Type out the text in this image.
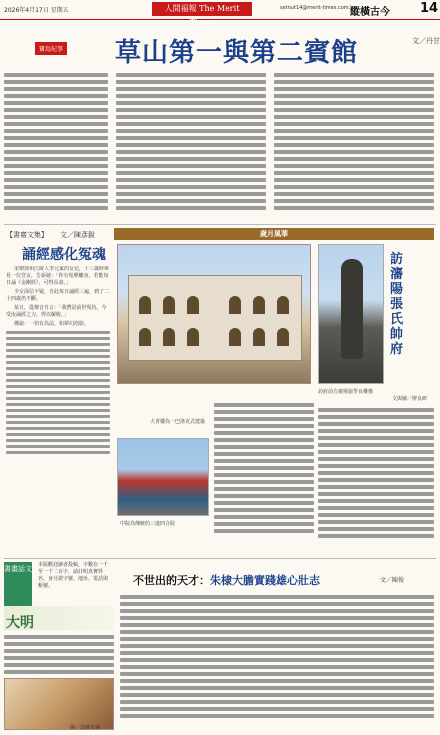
2026年4月17日 星期五	人間福報 The Merit Times
setnut14@merit-times.com.tw
縱橫古今 14
寶島紀事 草山第一與第二賓館	文／丹甘
【書齋文集】 文／陳彥銳
誦經感化冤魂

宋朝郭州江陵人李元家的女兒，十三歲時夢見一位宮女，告訴她：「你有冤孽纏身，若能每日誦《金剛經》，可得長壽。」

少女深信不疑，自此每日誦經三遍，到了二十四歲仍不斷。

某日，從聲音自言：「我們是前世冤仇，今受汝誦經之力，得以解脫。」

佛說：一切有為法，如夢幻泡影。

歲月風華
大青樓為一巴洛克式建築
訪府前方廣場張學良雕像
訪瀋陽張氏帥府
文與圖／廖良研
中院為傳統的三進四合院
書畫話文 本版歡迎讀者投稿，字數在一千至一千二百字，請註明真實姓名、身分證字號、地址、電話與帳號。
大明
不世出的天才：朱棣大膽實踐雄心壯志	文／陳俊
圖／清繪朱棣
